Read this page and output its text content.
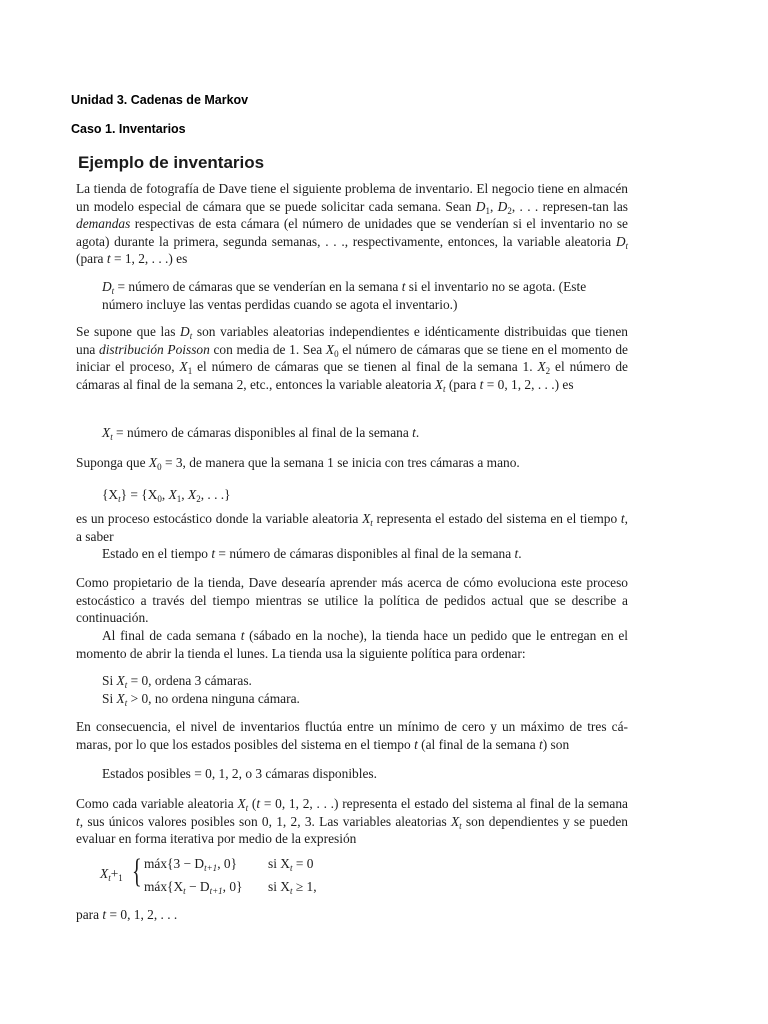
Unidad 3. Cadenas de Markov
Caso 1. Inventarios
Ejemplo de inventarios

La tienda de fotografía de Dave tiene el siguiente problema de inventario. El negocio tiene en almacén un modelo especial de cámara que se puede solicitar cada semana. Sean $D_1$, $D_2$, . . . represen-tan las demandas respectivas de esta cámara (el número de unidades que se venderían si el inventario no se agota) durante la primera, segunda semanas, . . ., respectivamente, entonces, la variable aleatoria $D_t$ (para t = 1, 2, . . .) es

$D_t$ = número de cámaras que se venderían en la semana t si el inventario no se agota. (Este número incluye las ventas perdidas cuando se agota el inventario.)

Se supone que las $D_t$ son variables aleatorias independientes e idénticamente distribuidas que tienen una distribución Poisson con media de 1. Sea $X_0$ el número de cámaras que se tiene en el momento de iniciar el proceso, $X_1$ el número de cámaras que se tienen al final de la semana 1. $X_2$ el número de cámaras al final de la semana 2, etc., entonces la variable aleatoria $X_t$ (para t = 0, 1, 2, . . .) es

$X_t$ = número de cámaras disponibles al final de la semana t.

Suponga que $X_0 = 3$, de manera que la semana 1 se inicia con tres cámaras a mano.

$\{X_t\} = \{X_0$, $X_1$, $X_2$, . . .}

es un proceso estocástico donde la variable aleatoria $X_t$ representa el estado del sistema en el tiempo t, a saber

Estado en el tiempo t = número de cámaras disponibles al final de la semana t.

Como propietario de la tienda, Dave desearía aprender más acerca de cómo evoluciona este proceso estocástico a través del tiempo mientras se utilice la política de pedidos actual que se describe a continuación.

Al final de cada semana t (sábado en la noche), la tienda hace un pedido que le entregan en el momento de abrir la tienda el lunes. La tienda usa la siguiente política para ordenar:

Si $X_t = 0$, ordena 3 cámaras.

Si $X_t > 0$, no ordena ninguna cámara.

En consecuencia, el nivel de inventarios fluctúa entre un mínimo de cero y un máximo de tres cá-maras, por lo que los estados posibles del sistema en el tiempo t (al final de la semana t) son

Estados posibles = 0, 1, 2, o 3 cámaras disponibles.

Como cada variable aleatoria $X_t$ (t = 0, 1, 2, . . .) representa el estado del sistema al final de la semana t, sus únicos valores posibles son 0, 1, 2, 3. Las variables aleatorias $X_t$ son dependientes y se pueden evaluar en forma iterativa por medio de la expresión

$X_t+_1$ { máx{3 − $D_{t+1}$, 0} si $X_t = 0$
$máx\{X_t - D_{t+1}$, 0} si $X_t \ge 1$,

para t = 0, 1, 2, . . .
